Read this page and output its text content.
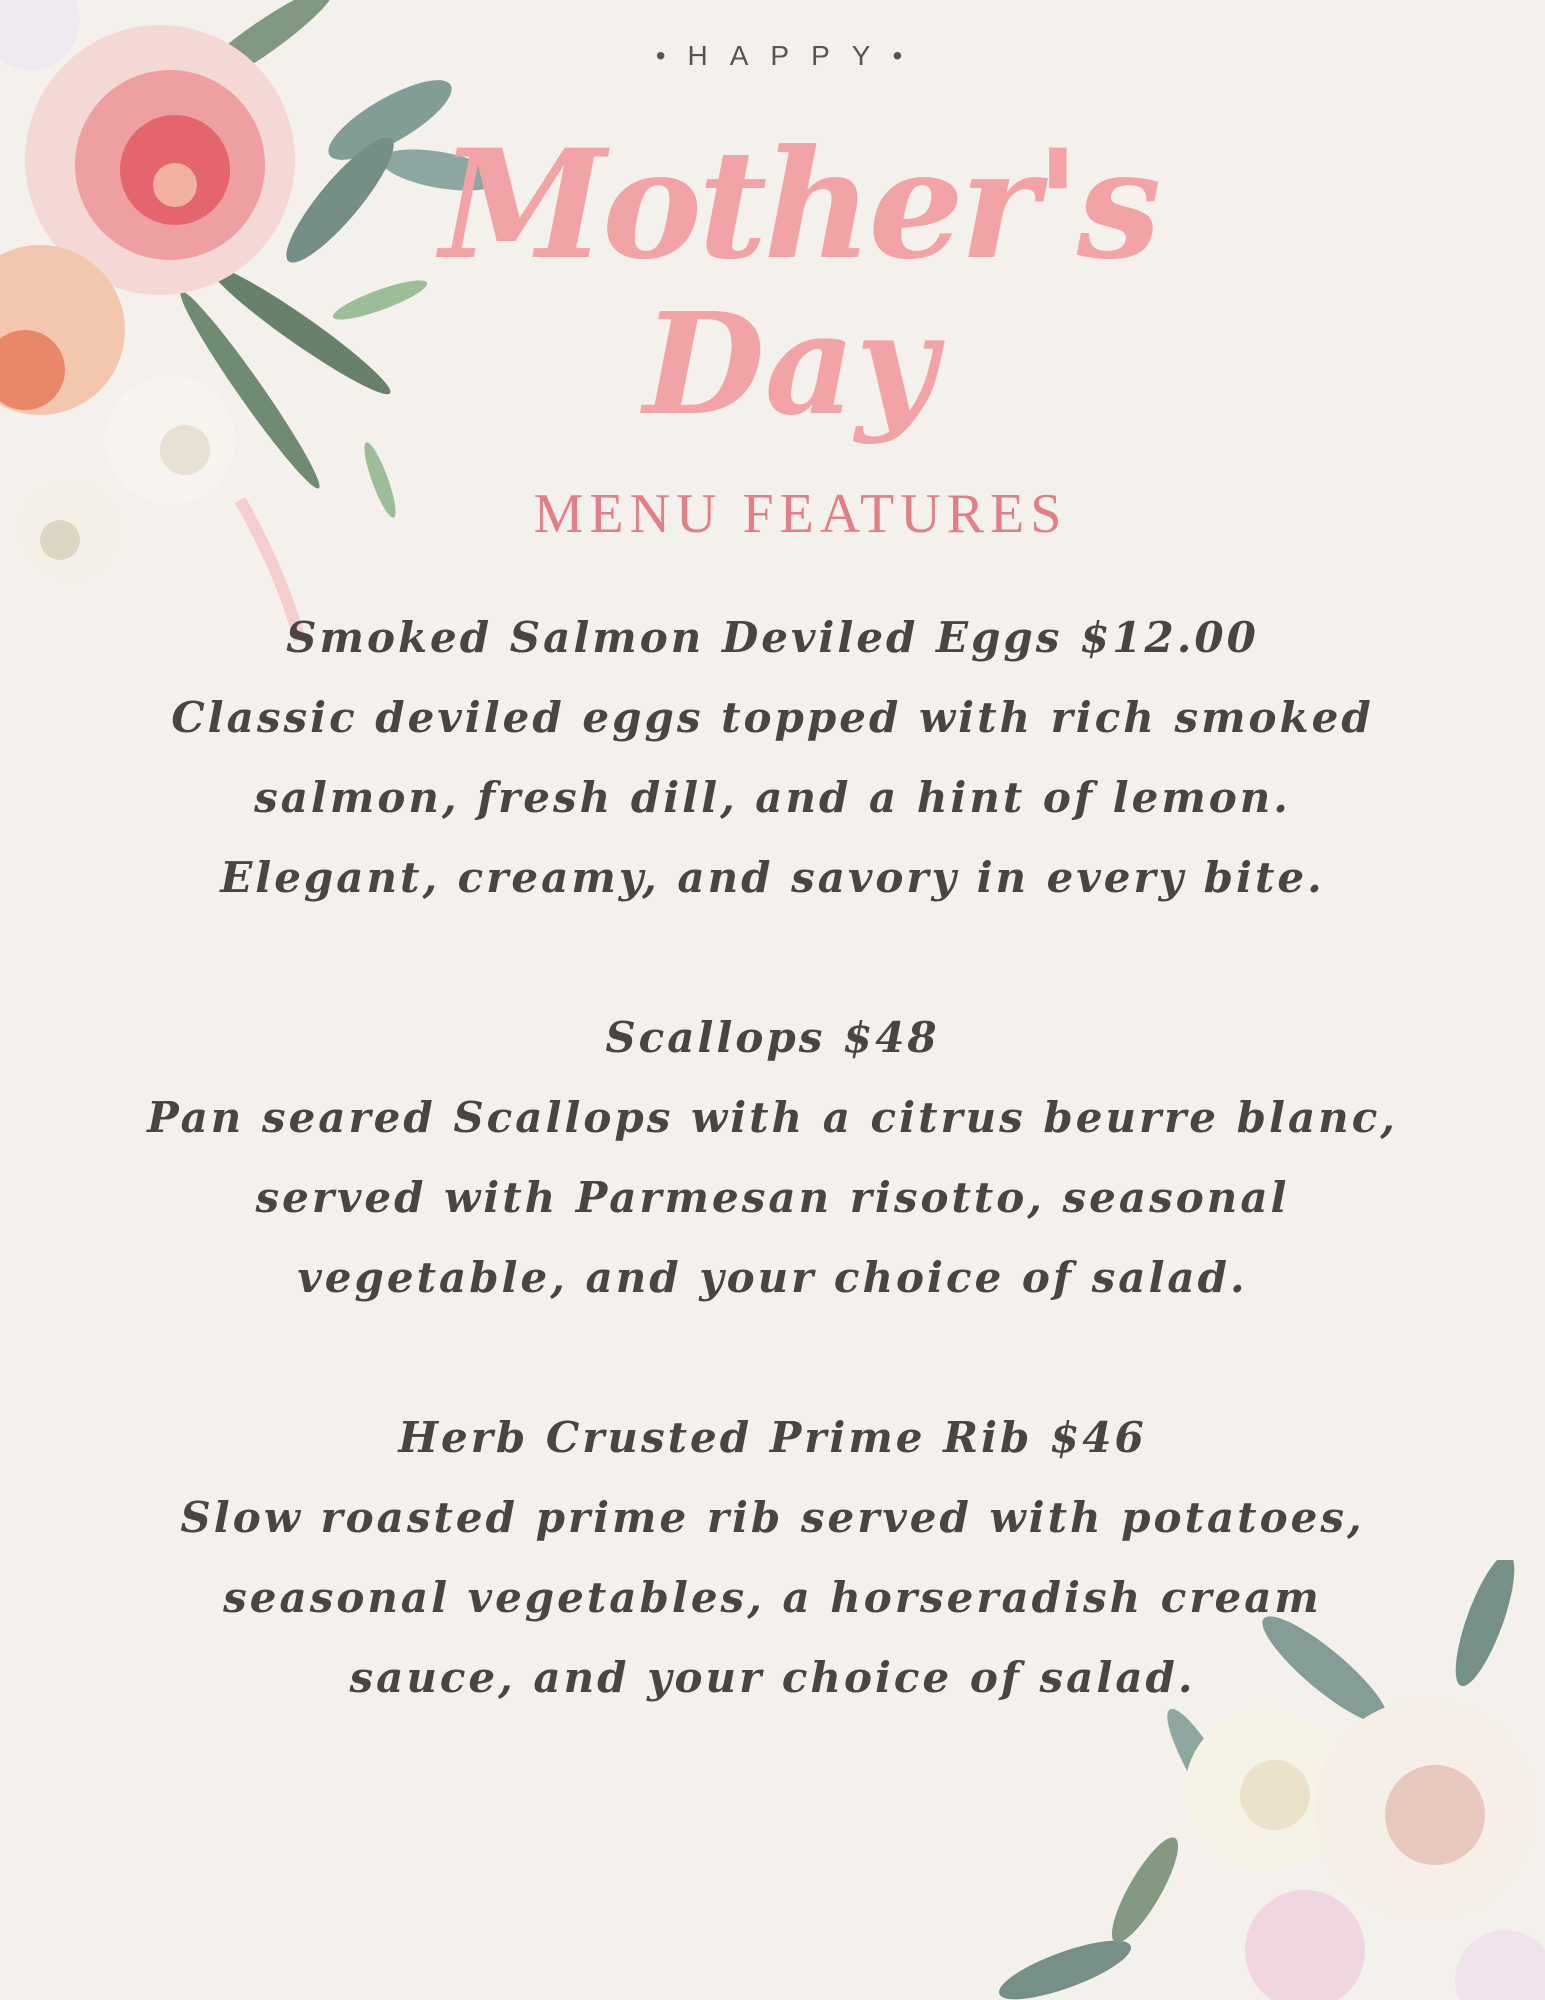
•HAPPY•
Mother's
Day
MENU FEATURES

Smoked Salmon Deviled Eggs $12.00

Classic deviled eggs topped with rich smoked salmon, fresh dill, and a hint of lemon. Elegant, creamy, and savory in every bite.

Scallops $48

Pan seared Scallops with a citrus beurre blanc, served with Parmesan risotto, seasonal vegetable, and your choice of salad.

Herb Crusted Prime Rib $46

Slow roasted prime rib served with potatoes, seasonal vegetables, a horseradish cream sauce, and your choice of salad.
